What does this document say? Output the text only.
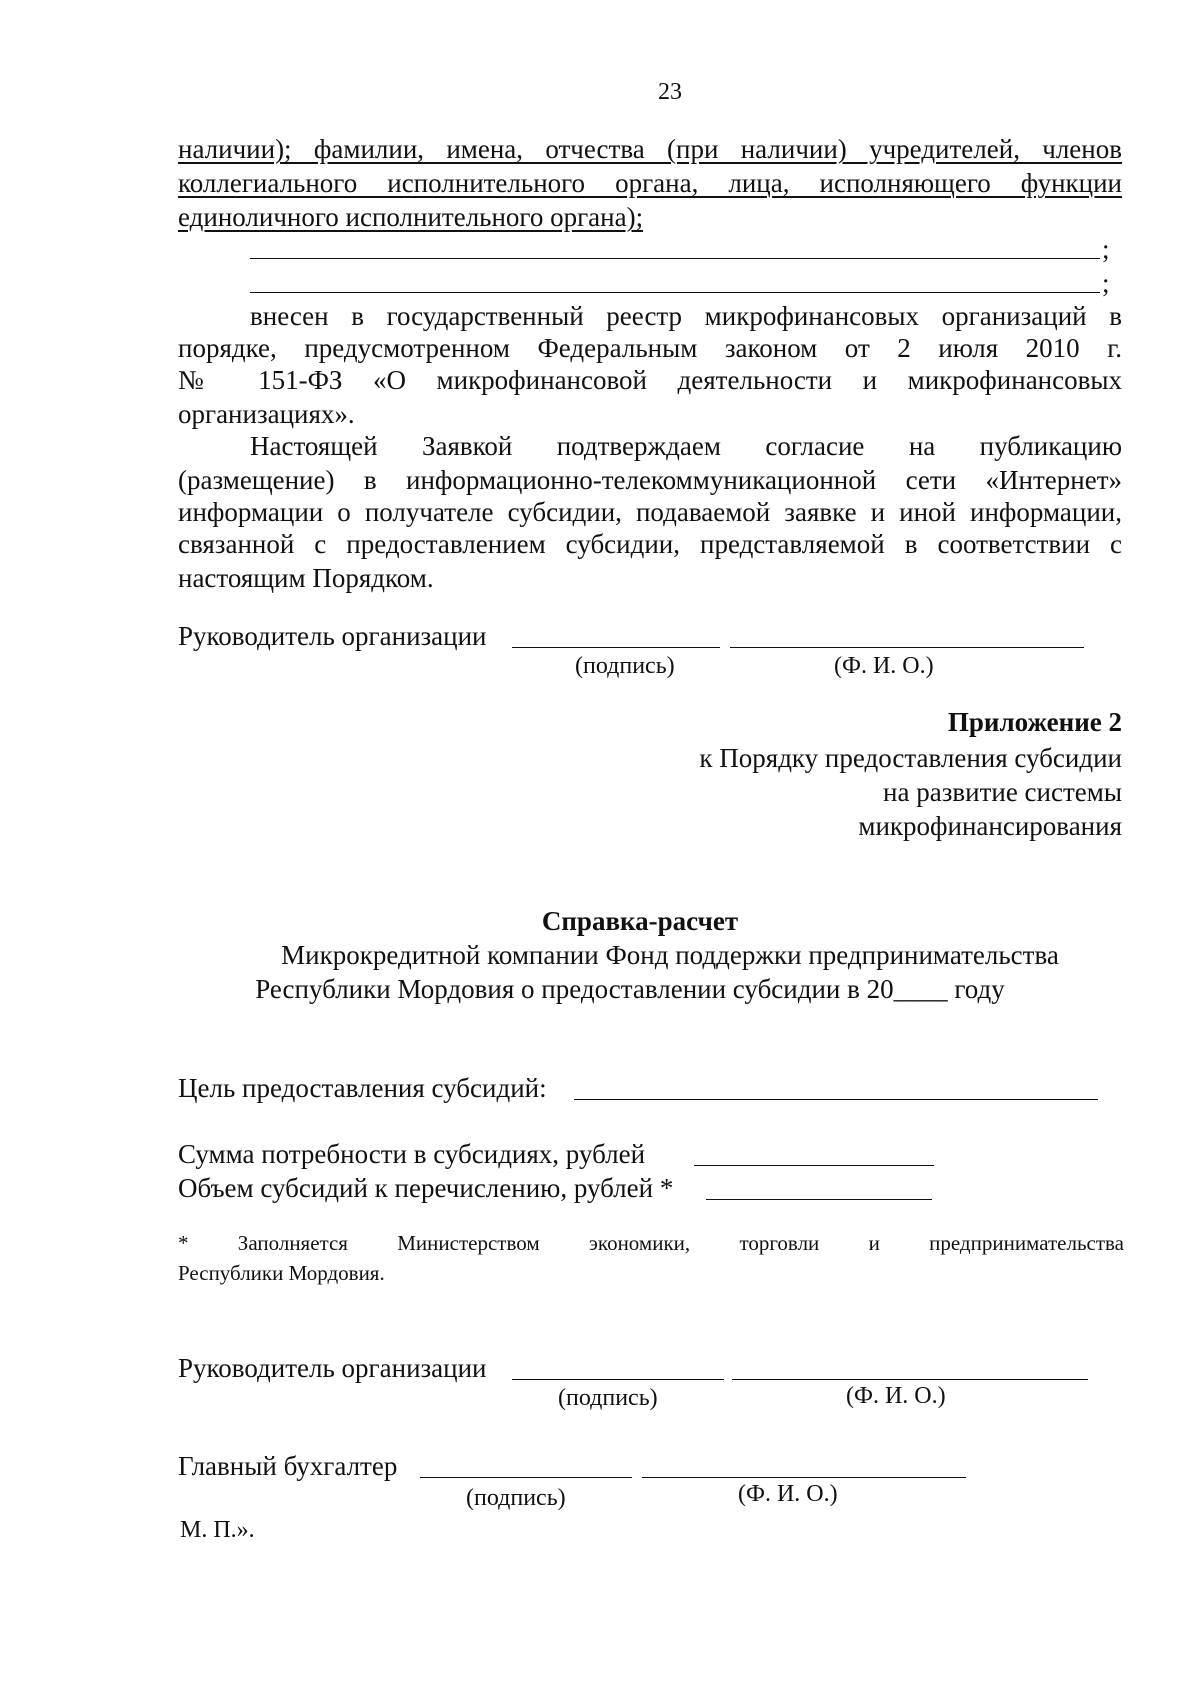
23
наличии); фамилии, имена, отчества (при наличии) учредителей, членов
коллегиального исполнительного органа, лица, исполняющего функции
единоличного исполнительного органа);
;
;
внесен в государственный реестр микрофинансовых организаций в
порядке, предусмотренном Федеральным законом от 2 июля 2010 г.
№ 151-ФЗ «О микрофинансовой деятельности и микрофинансовых
организациях».
Настоящей Заявкой подтверждаем согласие на публикацию
(размещение) в информационно-телекоммуникационной сети «Интернет»
информации о получателе субсидии, подаваемой заявке и иной информации,
связанной с предоставлением субсидии, представляемой в соответствии с
настоящим Порядком.
Руководитель организации
(подпись)	(Ф. И. О.)
Приложение 2
к Порядку предоставления субсидии
на развитие системы
микрофинансирования
Справка-расчет
Микрокредитной компании Фонд поддержки предпринимательства
Республики Мордовия о предоставлении субсидии в 20____ году
Цель предоставления субсидий:
Сумма потребности в субсидиях, рублей
Объем субсидий к перечислению, рублей *
* Заполняется Министерством экономики, торговли и предпринимательства
Республики Мордовия.
Руководитель организации
(подпись)	(Ф. И. О.)
Главный бухгалтер
(подпись)	(Ф. И. О.)
М. П.».
